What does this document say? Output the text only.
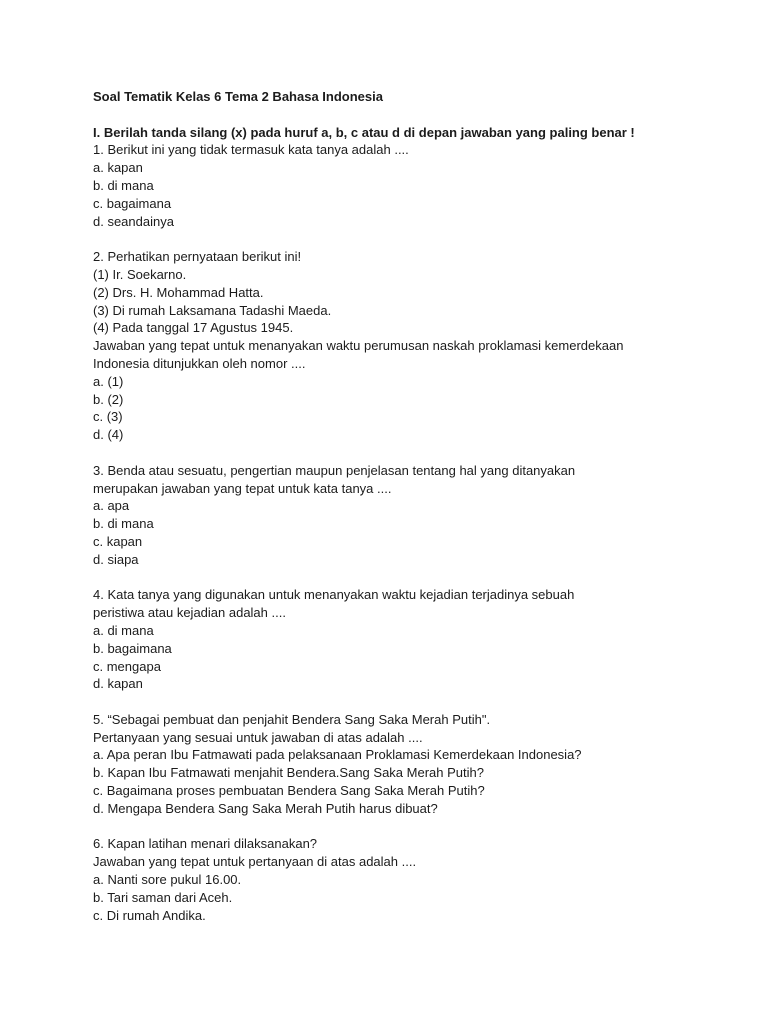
Soal Tematik Kelas 6 Tema 2 Bahasa Indonesia
I. Berilah tanda silang (x) pada huruf a, b, c atau d di depan jawaban yang paling benar !
1. Berikut ini yang tidak termasuk kata tanya adalah ....
a. kapan
b. di mana
c. bagaimana
d. seandainya
2. Perhatikan pernyataan berikut ini!
(1) Ir. Soekarno.
(2) Drs. H. Mohammad Hatta.
(3) Di rumah Laksamana Tadashi Maeda.
(4) Pada tanggal 17 Agustus 1945.
Jawaban yang tepat untuk menanyakan waktu perumusan naskah proklamasi kemerdekaan
Indonesia ditunjukkan oleh nomor ....
a. (1)
b. (2)
c. (3)
d. (4)
3. Benda atau sesuatu, pengertian maupun penjelasan tentang hal yang ditanyakan
merupakan jawaban yang tepat untuk kata tanya ....
a. apa
b. di mana
c. kapan
d. siapa
4. Kata tanya yang digunakan untuk menanyakan waktu kejadian terjadinya sebuah
peristiwa atau kejadian adalah ....
a. di mana
b. bagaimana
c. mengapa
d. kapan
5. “Sebagai pembuat dan penjahit Bendera Sang Saka Merah Putih".
Pertanyaan yang sesuai untuk jawaban di atas adalah ....
a. Apa peran Ibu Fatmawati pada pelaksanaan Proklamasi Kemerdekaan Indonesia?
b. Kapan Ibu Fatmawati menjahit Bendera.Sang Saka Merah Putih?
c. Bagaimana proses pembuatan Bendera Sang Saka Merah Putih?
d. Mengapa Bendera Sang Saka Merah Putih harus dibuat?
6. Kapan latihan menari dilaksanakan?
Jawaban yang tepat untuk pertanyaan di atas adalah ....
a. Nanti sore pukul 16.00.
b. Tari saman dari Aceh.
c. Di rumah Andika.
